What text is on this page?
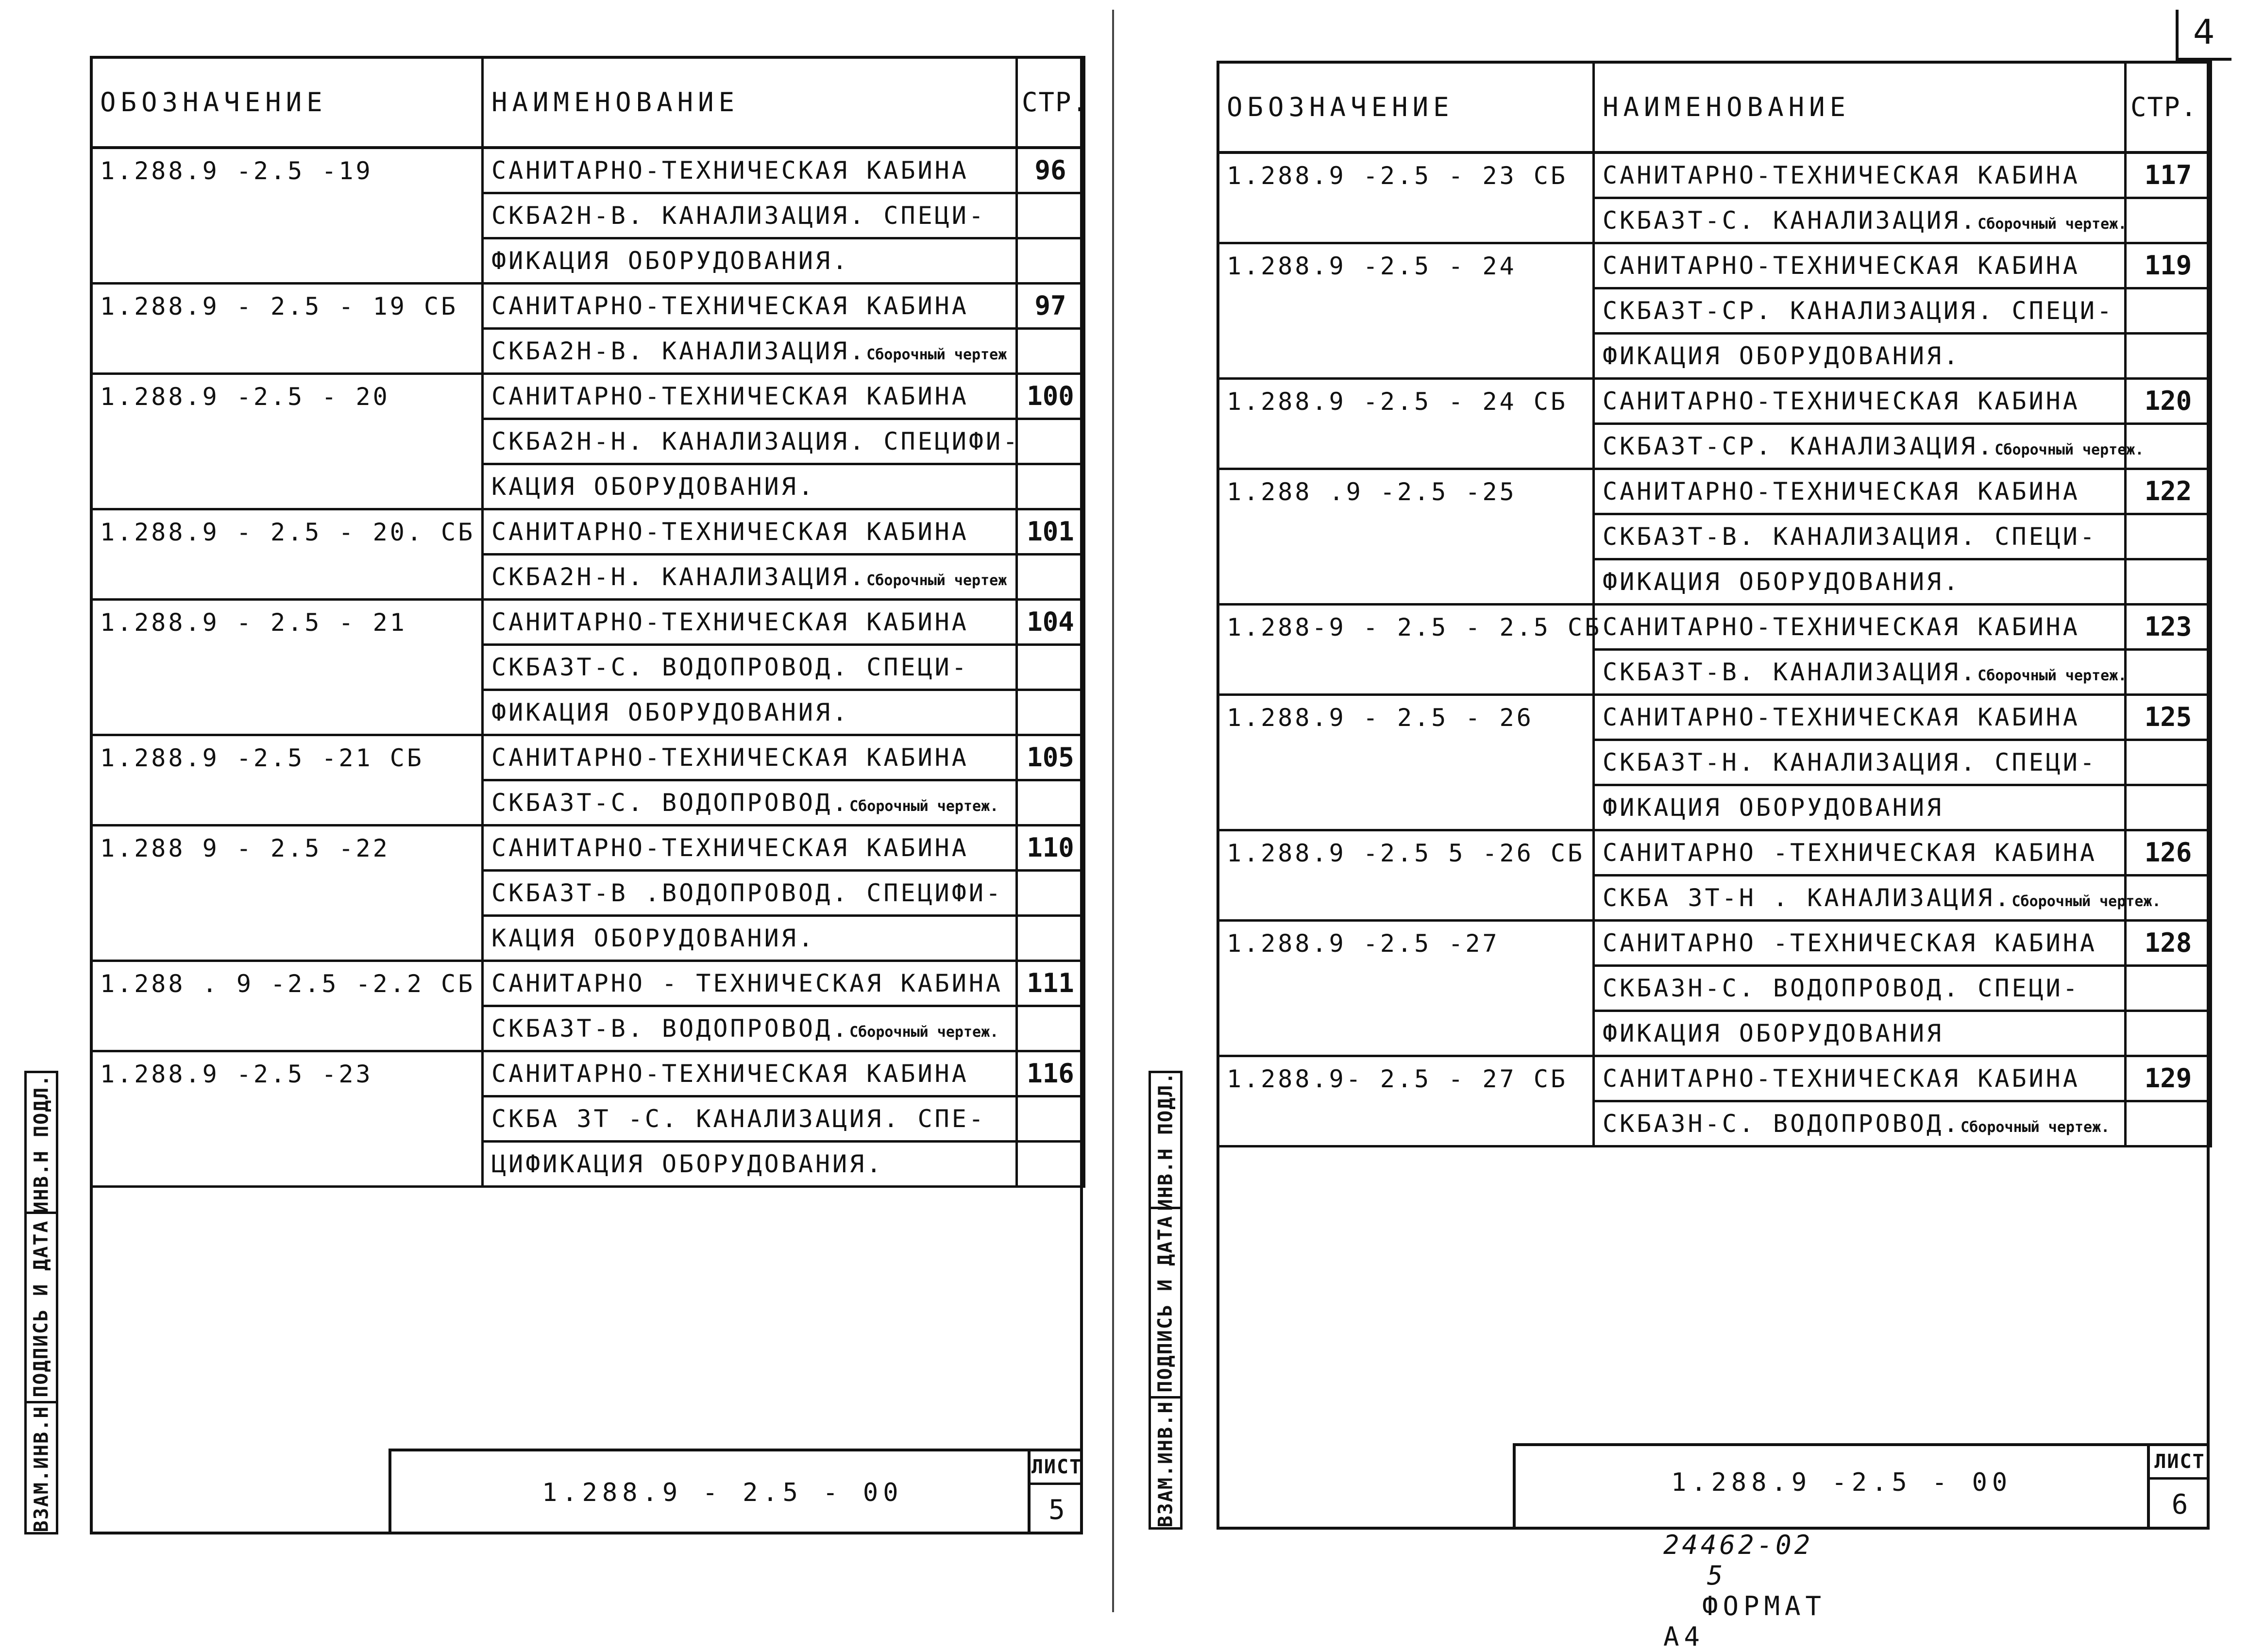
ОБОЗНАЧЕНИЕ	НАИМЕНОВАНИЕ	СТР.
1.288.9 -2.5 -19	САНИТАРНО-ТЕХНИЧЕСКАЯ КАБИНА	96
	СКБА2Н-В. КАНАЛИЗАЦИЯ. СПЕЦИ-	
	ФИКАЦИЯ ОБОРУДОВАНИЯ.	
1.288.9 - 2.5 - 19 СБ	САНИТАРНО-ТЕХНИЧЕСКАЯ КАБИНА	97
	СКБА2Н-В. КАНАЛИЗАЦИЯ.Сборочный чертеж	
1.288.9 -2.5 - 20	САНИТАРНО-ТЕХНИЧЕСКАЯ КАБИНА	100
	СКБА2Н-Н. КАНАЛИЗАЦИЯ. СПЕЦИФИ-	
	КАЦИЯ ОБОРУДОВАНИЯ.	
1.288.9 - 2.5 - 20. СБ	САНИТАРНО-ТЕХНИЧЕСКАЯ КАБИНА	101
	СКБА2Н-Н. КАНАЛИЗАЦИЯ.Сборочный чертеж	
1.288.9 - 2.5 - 21	САНИТАРНО-ТЕХНИЧЕСКАЯ КАБИНА	104
	СКБА3Т-С. ВОДОПРОВОД. СПЕЦИ-	
	ФИКАЦИЯ ОБОРУДОВАНИЯ.	
1.288.9 -2.5 -21 СБ	САНИТАРНО-ТЕХНИЧЕСКАЯ КАБИНА	105
	СКБА3Т-С. ВОДОПРОВОД.Сборочный чертеж.	
1.288 9 - 2.5 -22	САНИТАРНО-ТЕХНИЧЕСКАЯ КАБИНА	110
	СКБА3Т-В .ВОДОПРОВОД. СПЕЦИФИ-	
	КАЦИЯ ОБОРУДОВАНИЯ.	
1.288 . 9 -2.5 -2.2 СБ	САНИТАРНО - ТЕХНИЧЕСКАЯ КАБИНА	111
	СКБА3Т-В. ВОДОПРОВОД.Сборочный чертеж.	
1.288.9 -2.5 -23	САНИТАРНО-ТЕХНИЧЕСКАЯ КАБИНА	116
	СКБА 3Т -С. КАНАЛИЗАЦИЯ. СПЕ-	
	ЦИФИКАЦИЯ ОБОРУДОВАНИЯ.	
ИНВ.Н ПОДЛ.
ПОДПИСЬ И ДАТА
ВЗАМ.ИНВ.Н	1.288.9 - 2.5 - 00
ЛИСТ
5
ОБОЗНАЧЕНИЕ	НАИМЕНОВАНИЕ	СТР.
1.288.9 -2.5 - 23 СБ	САНИТАРНО-ТЕХНИЧЕСКАЯ КАБИНА	117
	СКБА3Т-С. КАНАЛИЗАЦИЯ.Сборочный чертеж.	
1.288.9 -2.5 - 24	САНИТАРНО-ТЕХНИЧЕСКАЯ КАБИНА	119
	СКБА3Т-СР. КАНАЛИЗАЦИЯ. СПЕЦИ-	
	ФИКАЦИЯ ОБОРУДОВАНИЯ.	
1.288.9 -2.5 - 24 СБ	САНИТАРНО-ТЕХНИЧЕСКАЯ КАБИНА	120
	СКБА3Т-СР. КАНАЛИЗАЦИЯ.Сборочный чертеж.	
1.288 .9 -2.5 -25	САНИТАРНО-ТЕХНИЧЕСКАЯ КАБИНА	122
	СКБА3Т-В. КАНАЛИЗАЦИЯ. СПЕЦИ-	
	ФИКАЦИЯ ОБОРУДОВАНИЯ.	
1.288-9 - 2.5 - 2.5 СБ	САНИТАРНО-ТЕХНИЧЕСКАЯ КАБИНА	123
	СКБА3Т-В. КАНАЛИЗАЦИЯ.Сборочный чертеж.	
1.288.9 - 2.5 - 26	САНИТАРНО-ТЕХНИЧЕСКАЯ КАБИНА	125
	СКБА3Т-Н. КАНАЛИЗАЦИЯ. СПЕЦИ-	
	ФИКАЦИЯ ОБОРУДОВАНИЯ	
1.288.9 -2.5 5 -26 СБ	САНИТАРНО -ТЕХНИЧЕСКАЯ КАБИНА	126
	СКБА 3Т-Н . КАНАЛИЗАЦИЯ.Сборочный чертеж.	
1.288.9 -2.5 -27	САНИТАРНО -ТЕХНИЧЕСКАЯ КАБИНА	128
	СКБА3Н-С. ВОДОПРОВОД. СПЕЦИ-	
	ФИКАЦИЯ ОБОРУДОВАНИЯ	
1.288.9- 2.5 - 27 СБ	САНИТАРНО-ТЕХНИЧЕСКАЯ КАБИНА	129
	СКБА3Н-С. ВОДОПРОВОД.Сборочный чертеж.	
ИНВ.Н ПОДЛ.
ПОДПИСЬ И ДАТА
ВЗАМ.ИНВ.Н	1.288.9 -2.5 - 00
ЛИСТ
6
4
24462-02 5 ФОРМАТ А4
